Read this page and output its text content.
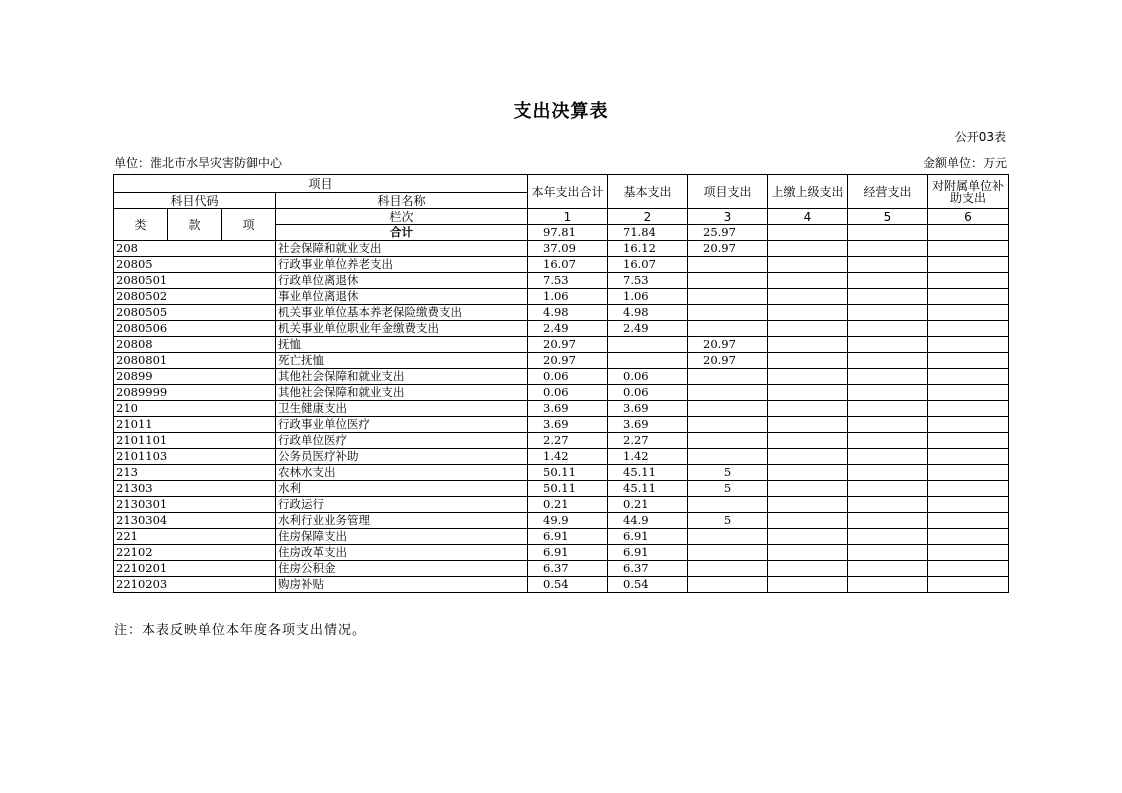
支出决算表
公开03表
单位：淮北市水旱灾害防御中心	金额单位：万元
项目				本年支出合计	基本支出	项目支出	上缴上级支出	经营支出	对附属单位补助支出
科目代码			科目名称						
类	款	项	栏次	1	2	3	4	5	6
			合计	97.81	71.84	25.97			
208			社会保障和就业支出	37.09	16.12	20.97			
20805			行政事业单位养老支出	16.07	16.07				
2080501			行政单位离退休	7.53	7.53				
2080502			事业单位离退休	1.06	1.06				
2080505			机关事业单位基本养老保险缴费支出	4.98	4.98				
2080506			机关事业单位职业年金缴费支出	2.49	2.49				
20808			抚恤	20.97		20.97			
2080801			死亡抚恤	20.97		20.97			
20899			其他社会保障和就业支出	0.06	0.06				
2089999			其他社会保障和就业支出	0.06	0.06				
210			卫生健康支出	3.69	3.69				
21011			行政事业单位医疗	3.69	3.69				
2101101			行政单位医疗	2.27	2.27				
2101103			公务员医疗补助	1.42	1.42				
213			农林水支出	50.11	45.11	5			
21303			水利	50.11	45.11	5			
2130301			行政运行	0.21	0.21				
2130304			水利行业业务管理	49.9	44.9	5			
221			住房保障支出	6.91	6.91				
22102			住房改革支出	6.91	6.91				
2210201			住房公积金	6.37	6.37				
2210203			购房补贴	0.54	0.54				
注：本表反映单位本年度各项支出情况。
